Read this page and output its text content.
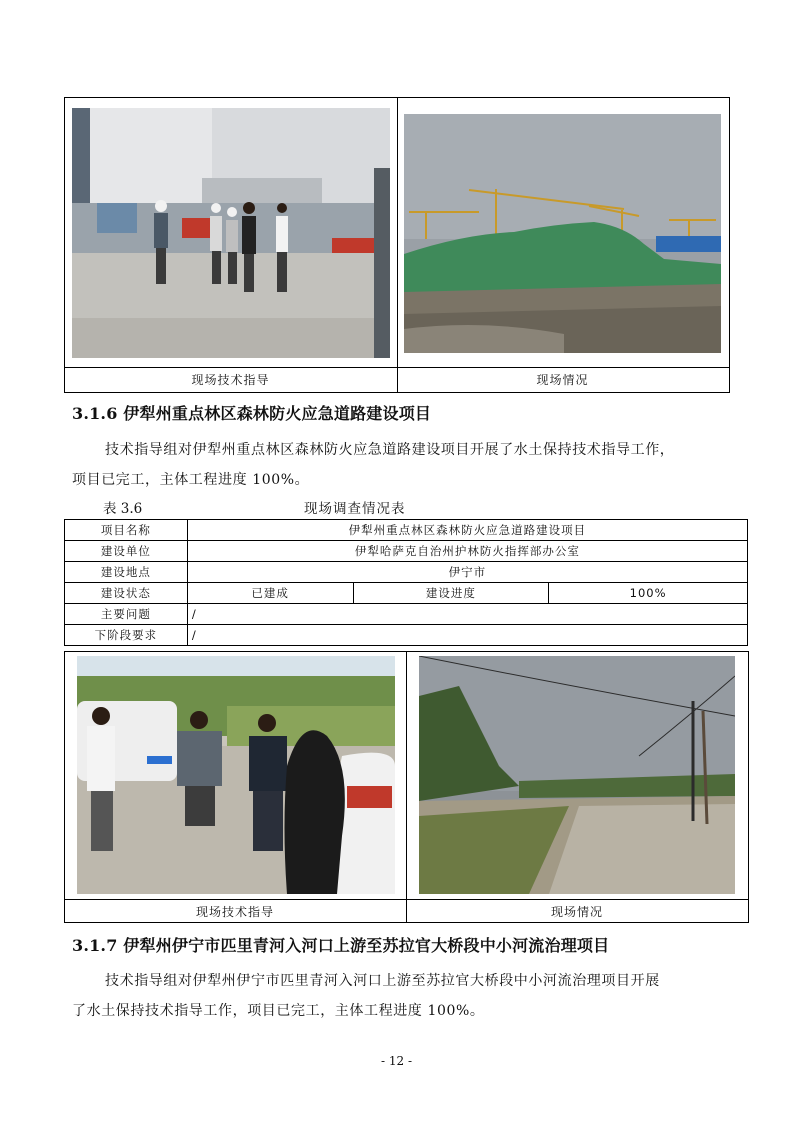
现场技术指导	现场情况
3.1.6 伊犁州重点林区森林防火应急道路建设项目
技术指导组对伊犁州重点林区森林防火应急道路建设项目开展了水土保持技术指导工作，
项目已完工，主体工程进度 100%。
表 3.6	现场调查情况表
项目名称	伊犁州重点林区森林防火应急道路建设项目		
建设单位	伊犁哈萨克自治州护林防火指挥部办公室		
建设地点	伊宁市		
建设状态	已建成	建设进度	100%
主要问题	/		
下阶段要求	/		
现场技术指导	现场情况
3.1.7 伊犁州伊宁市匹里青河入河口上游至苏拉官大桥段中小河流治理项目
技术指导组对伊犁州伊宁市匹里青河入河口上游至苏拉官大桥段中小河流治理项目开展
了水土保持技术指导工作，项目已完工，主体工程进度 100%。
- 12 -
